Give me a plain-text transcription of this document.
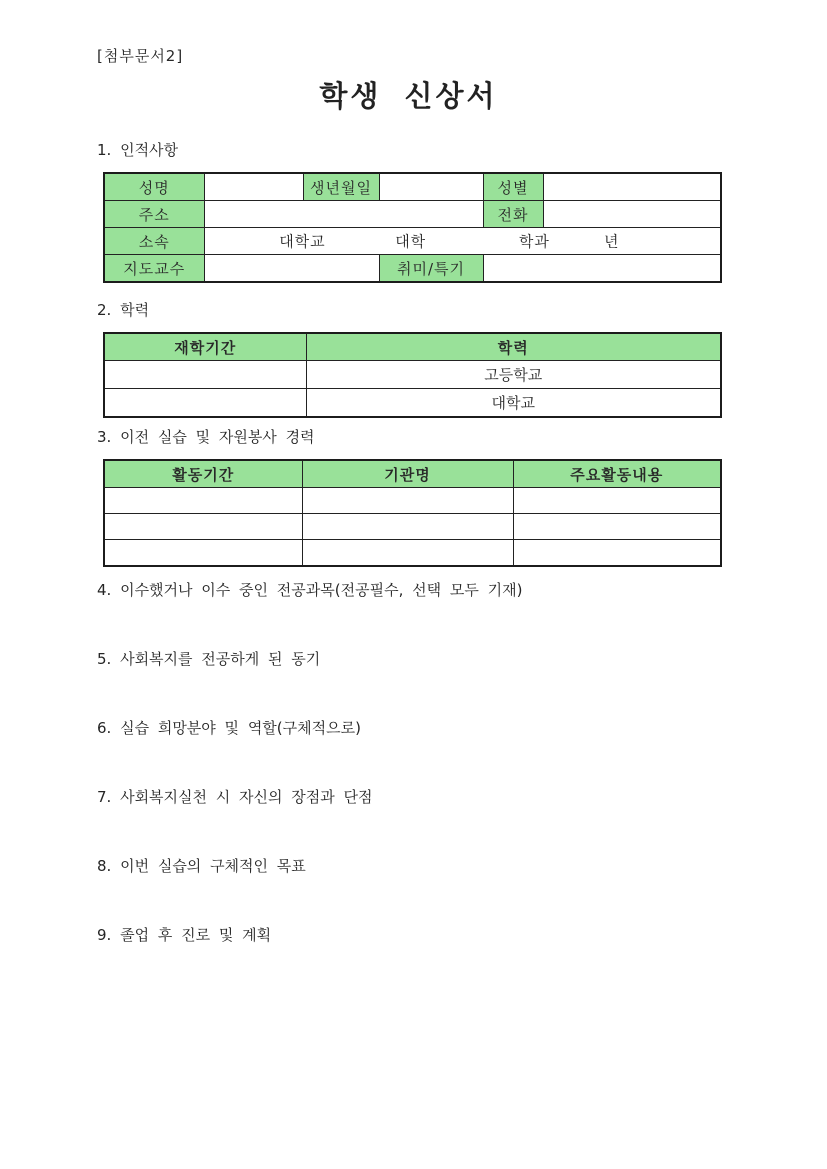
[첨부문서2]
학생 신상서
1. 인적사항
성명		생년월일		성별	
주소				전화	
소속	대학교 대학 학과 년				

지도교수			취미/특기		
2. 학력
재학기간	학력
	고등학교
	대학교
3. 이전 실습 및 자원봉사 경력
활동기간	기관명	주요활동내용

4. 이수했거나 이수 중인 전공과목(전공필수, 선택 모두 기재)
5. 사회복지를 전공하게 된 동기
6. 실습 희망분야 및 역할(구체적으로)
7. 사회복지실천 시 자신의 장점과 단점
8. 이번 실습의 구체적인 목표
9. 졸업 후 진로 및 계획
